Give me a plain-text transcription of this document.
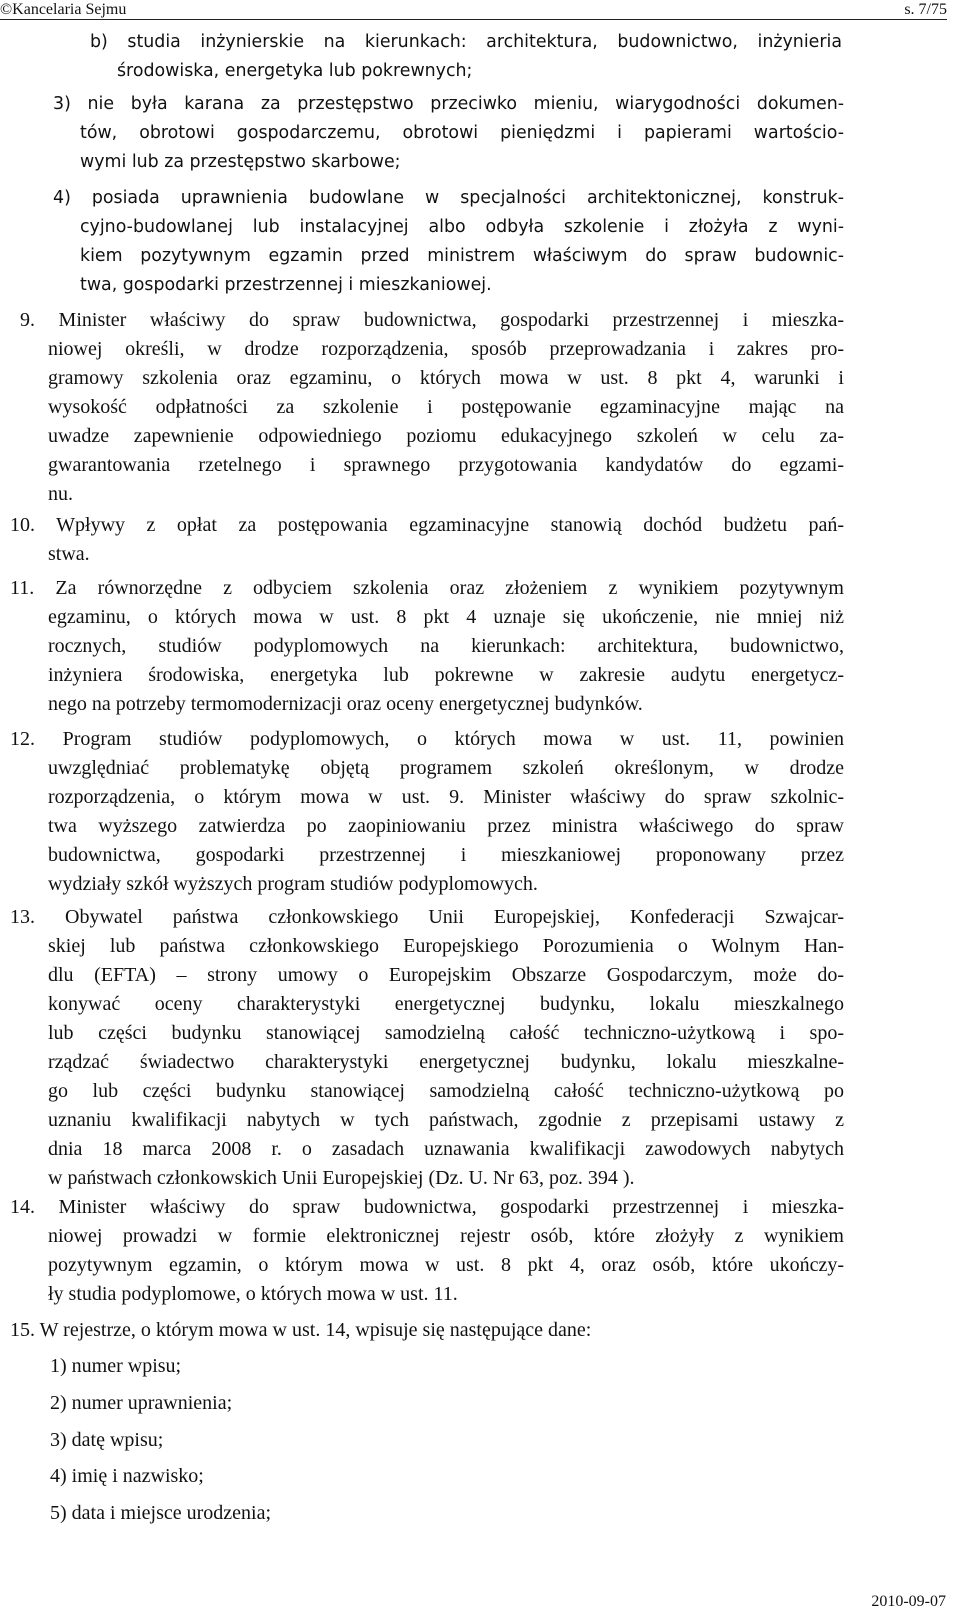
©Kancelaria Sejmu	s. 7/75
b) studia inżynierskie na kierunkach: architektura, budownictwo, inżynieria
środowiska, energetyka lub pokrewnych;
3) nie była karana za przestępstwo przeciwko mieniu, wiarygodności dokumen-
tów, obrotowi gospodarczemu, obrotowi pieniędzmi i papierami wartościo-
wymi lub za przestępstwo skarbowe;
4) posiada uprawnienia budowlane w specjalności architektonicznej, konstruk-
cyjno-budowlanej lub instalacyjnej albo odbyła szkolenie i złożyła z wyni-
kiem pozytywnym egzamin przed ministrem właściwym do spraw budownic-
twa, gospodarki przestrzennej i mieszkaniowej.
9. Minister właściwy do spraw budownictwa, gospodarki przestrzennej i mieszka-
niowej określi, w drodze rozporządzenia, sposób przeprowadzania i zakres pro-
gramowy szkolenia oraz egzaminu, o których mowa w ust. 8 pkt 4, warunki i
wysokość odpłatności za szkolenie i postępowanie egzaminacyjne mając na
uwadze zapewnienie odpowiedniego poziomu edukacyjnego szkoleń w celu za-
gwarantowania rzetelnego i sprawnego przygotowania kandydatów do egzami-
nu.
10. Wpływy z opłat za postępowania egzaminacyjne stanowią dochód budżetu pań-
stwa.
11. Za równorzędne z odbyciem szkolenia oraz złożeniem z wynikiem pozytywnym
egzaminu, o których mowa w ust. 8 pkt 4 uznaje się ukończenie, nie mniej niż
rocznych, studiów podyplomowych na kierunkach: architektura, budownictwo,
inżyniera środowiska, energetyka lub pokrewne w zakresie audytu energetycz-
nego na potrzeby termomodernizacji oraz oceny energetycznej budynków.
12. Program studiów podyplomowych, o których mowa w ust. 11, powinien
uwzględniać problematykę objętą programem szkoleń określonym, w drodze
rozporządzenia, o którym mowa w ust. 9. Minister właściwy do spraw szkolnic-
twa wyższego zatwierdza po zaopiniowaniu przez ministra właściwego do spraw
budownictwa, gospodarki przestrzennej i mieszkaniowej proponowany przez
wydziały szkół wyższych program studiów podyplomowych.
13. Obywatel państwa członkowskiego Unii Europejskiej, Konfederacji Szwajcar-
skiej lub państwa członkowskiego Europejskiego Porozumienia o Wolnym Han-
dlu (EFTA) – strony umowy o Europejskim Obszarze Gospodarczym, może do-
konywać oceny charakterystyki energetycznej budynku, lokalu mieszkalnego
lub części budynku stanowiącej samodzielną całość techniczno-użytkową i spo-
rządzać świadectwo charakterystyki energetycznej budynku, lokalu mieszkalne-
go lub części budynku stanowiącej samodzielną całość techniczno-użytkową po
uznaniu kwalifikacji nabytych w tych państwach, zgodnie z przepisami ustawy z
dnia 18 marca 2008 r. o zasadach uznawania kwalifikacji zawodowych nabytych
w państwach członkowskich Unii Europejskiej (Dz. U. Nr 63, poz. 394 ).
14. Minister właściwy do spraw budownictwa, gospodarki przestrzennej i mieszka-
niowej prowadzi w formie elektronicznej rejestr osób, które złożyły z wynikiem
pozytywnym egzamin, o którym mowa w ust. 8 pkt 4, oraz osób, które ukończy-
ły studia podyplomowe, o których mowa w ust. 11.
15. W rejestrze, o którym mowa w ust. 14, wpisuje się następujące dane:
1) numer wpisu;
2) numer uprawnienia;
3) datę wpisu;
4) imię i nazwisko;
5) data i miejsce urodzenia;
2010-09-07
